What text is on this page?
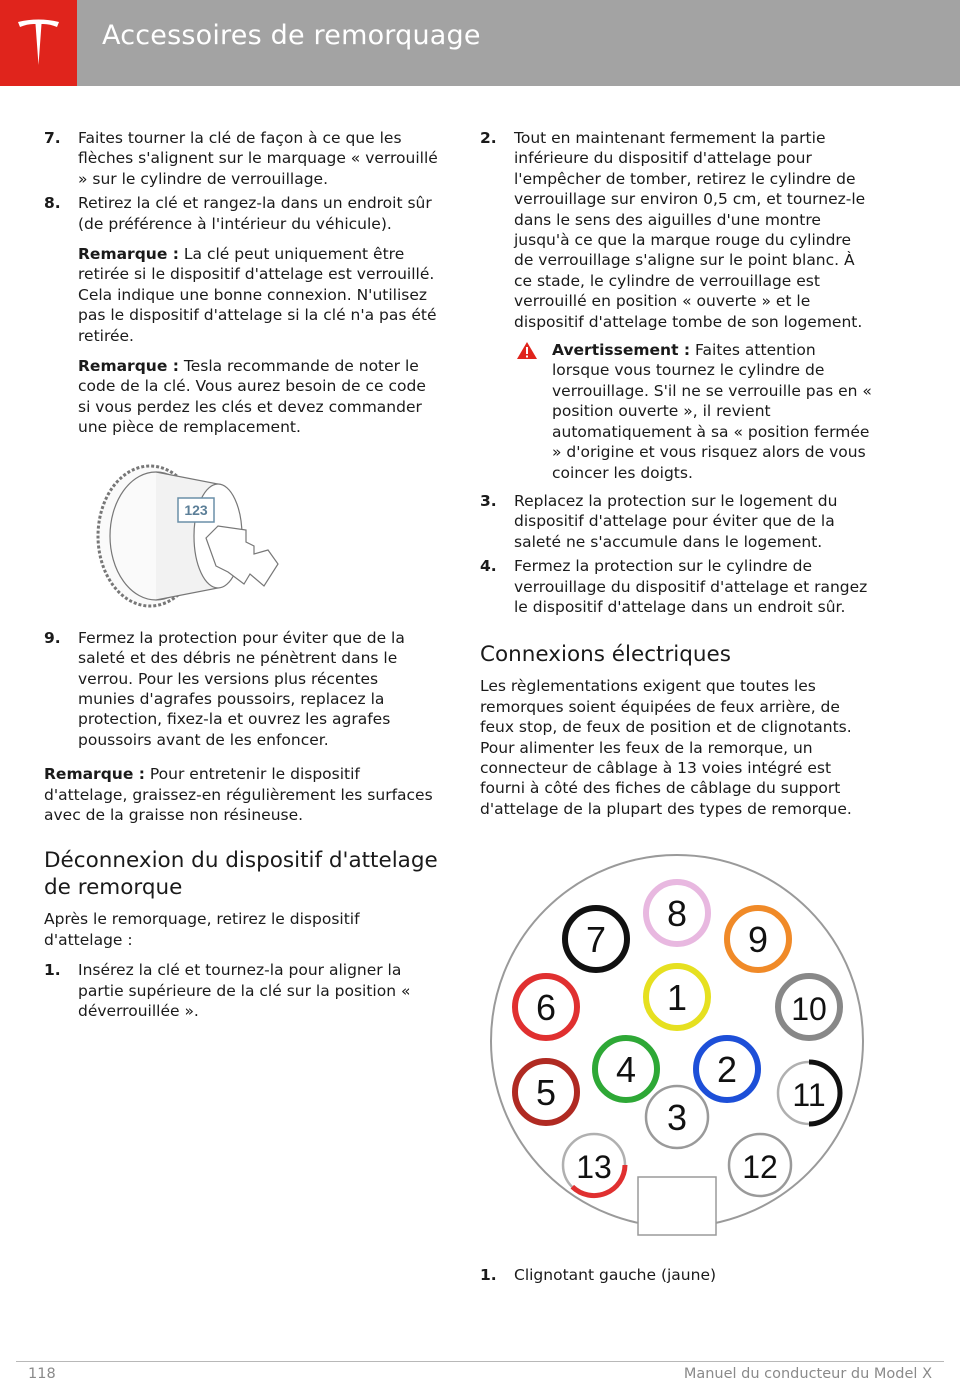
Accessoires de remorquage
7. Faites tourner la clé de façon à ce que les flèches s'alignent sur le marquage « verrouillé » sur le cylindre de verrouillage.
8. Retirez la clé et rangez-la dans un endroit sûr (de préférence à l'intérieur du véhicule).

Remarque : La clé peut uniquement être retirée si le dispositif d'attelage est verrouillé. Cela indique une bonne connexion. N'utilisez pas le dispositif d'attelage si la clé n'a pas été retirée.

Remarque : Tesla recommande de noter le code de la clé. Vous aurez besoin de ce code si vous perdez les clés et devez commander une pièce de remplacement.

123
9. Fermez la protection pour éviter que de la saleté et des débris ne pénètrent dans le verrou. Pour les versions plus récentes munies d'agrafes poussoirs, replacez la protection, fixez-la et ouvrez les agrafes poussoirs avant de les enfoncer.

Remarque : Pour entretenir le dispositif d'attelage, graissez-en régulièrement les surfaces avec de la graisse non résineuse.

Déconnexion du dispositif d'attelage de remorque

Après le remorquage, retirez le dispositif d'attelage :

1. Insérez la clé et tournez-la pour aligner la partie supérieure de la clé sur la position « déverrouillée ».
2. Tout en maintenant fermement la partie inférieure du dispositif d'attelage pour l'empêcher de tomber, retirez le cylindre de verrouillage sur environ 0,5 cm, et tournez-le dans le sens des aiguilles d'une montre jusqu'à ce que la marque rouge du cylindre de verrouillage s'aligne sur le point blanc. À ce stade, le cylindre de verrouillage est verrouillé en position « ouverte » et le dispositif d'attelage tombe de son logement.
Avertissement : Faites attention lorsque vous tournez le cylindre de verrouillage. S'il ne se verrouille pas en « position ouverte », il revient automatiquement à sa « position fermée » d'origine et vous risquez alors de vous coincer les doigts.
3. Replacez la protection sur le logement du dispositif d'attelage pour éviter que de la saleté ne s'accumule dans le logement.
4. Fermez la protection sur le cylindre de verrouillage du dispositif d'attelage et rangez le dispositif d'attelage dans un endroit sûr.
Connexions électriques

Les règlementations exigent que toutes les remorques soient équipées de feux arrière, de feux stop, de feux de position et de clignotants. Pour alimenter les feux de la remorque, un connecteur de câblage à 13 voies intégré est fourni à côté des fiches de câblage du support d'attelage de la plupart des types de remorque.

1
2
3
4
5
6
7
8
9
10
11
12
13
1. Clignotant gauche (jaune)
118	Manuel du conducteur du Model X
